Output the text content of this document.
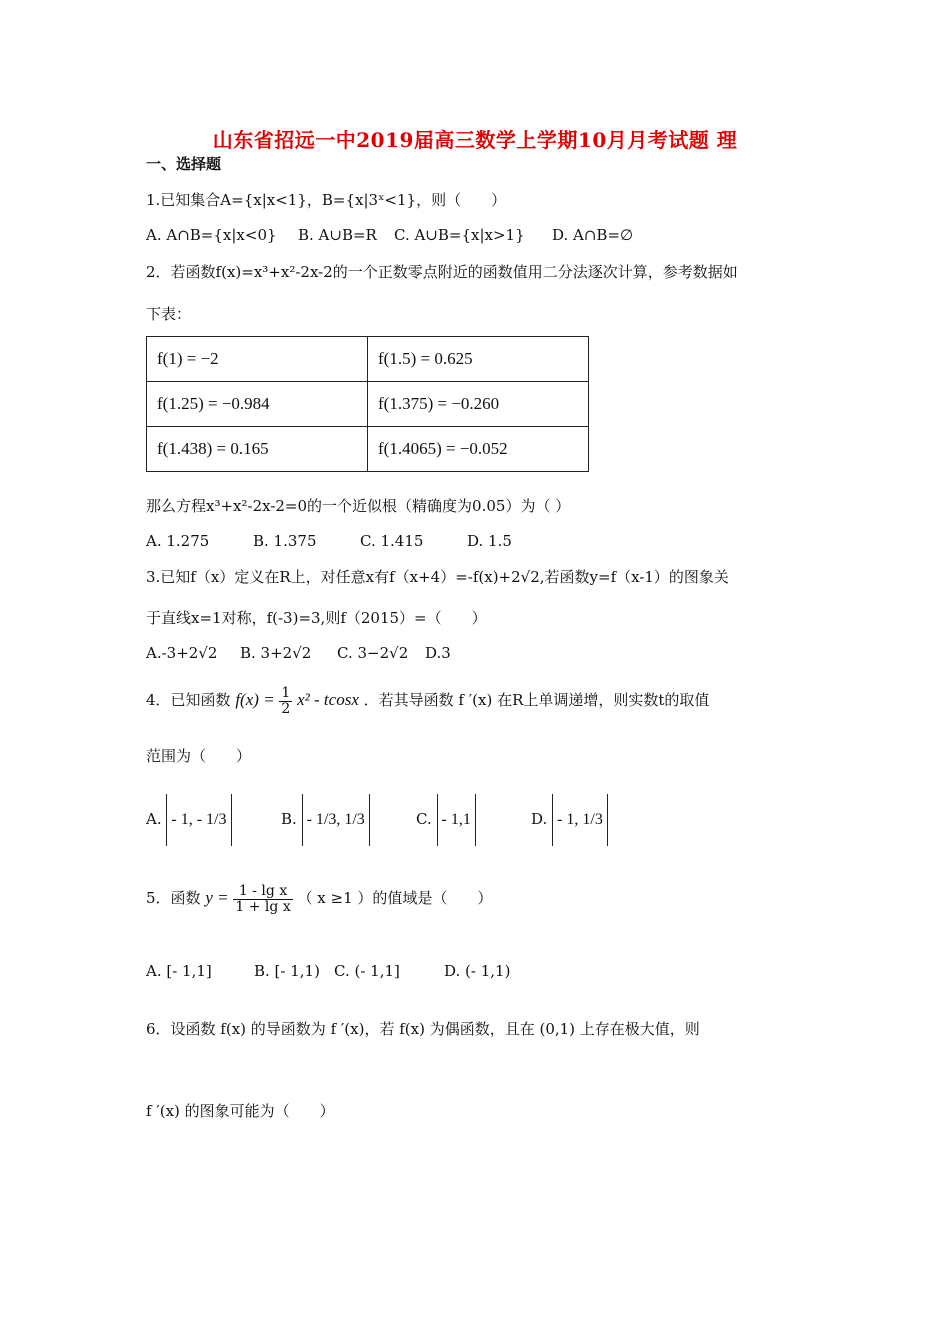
山东省招远一中2019届高三数学上学期10月月考试题 理
一、选择题
1.已知集合A={x|x<1}，B={x|3ˣ<1}，则（　　）
A. A∩B={x|x<0} B. A∪B=R C. A∪B={x|x>1} D. A∩B=∅
2．若函数f(x)=x³+x²-2x-2的一个正数零点附近的函数值用二分法逐次计算，参考数据如
下表：
f(1) = −2	f(1.5) = 0.625
f(1.25) = −0.984	f(1.375) = −0.260
f(1.438) = 0.165	f(1.4065) = −0.052
那么方程x³+x²-2x-2=0的一个近似根（精确度为0.05）为（ ）
A. 1.275	B. 1.375	C. 1.415	D. 1.5
3.已知f（x）定义在R上，对任意x有f（x+4）=-f(x)+2√2,若函数y=f（x-1）的图象关
于直线x=1对称，f(-3)=3,则f（2015）=（　　）
A.-3+2√2 B. 3+2√2 C. 3−2√2 D.3
4．已知函数 $f(x) = \frac{1}{2} x^2 - tcosx$ ．若其导函数 f ′(x) 在R上单调递增，则实数t的取值
范围为（　　）
A. - 1, - 1/3	B. - 1/3, 1/3	C. - 1,1	D. - 1, 1/3
5．函数 $y = \frac{\text{1 - lg x}}{\text{1 + lg x}}$ （ x ≥1 ）的值域是（　　）
A. [- 1,1]	B. [- 1,1) C. (- 1,1]	D. (- 1,1)
6．设函数 f(x) 的导函数为 f ′(x)，若 f(x) 为偶函数，且在 (0,1) 上存在极大值，则
f ′(x) 的图象可能为（　　）
